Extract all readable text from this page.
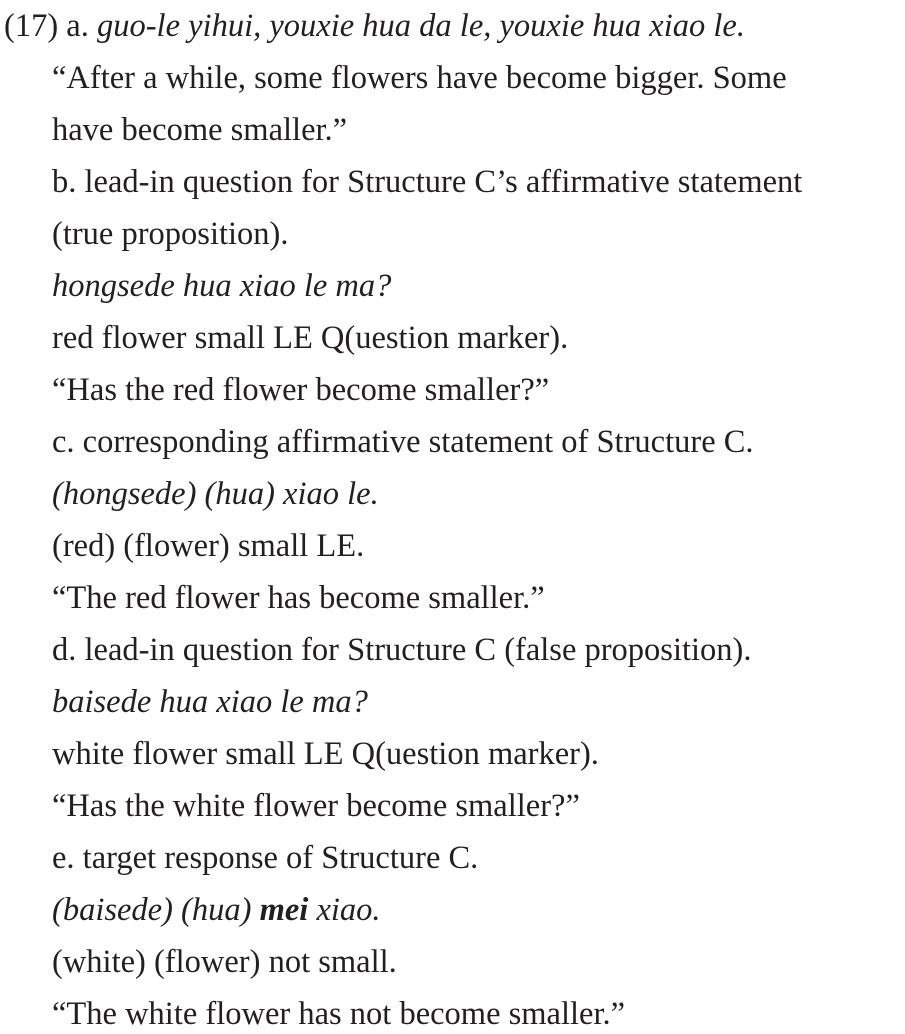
(17) a. guo-le yihui, youxie hua da le, youxie hua xiao le.
“After a while, some flowers have become bigger. Some
have become smaller.”
b. lead-in question for Structure C’s affirmative statement
(true proposition).
hongsede hua xiao le ma?
red flower small LE Q(uestion marker).
“Has the red flower become smaller?”
c. corresponding affirmative statement of Structure C.
(hongsede) (hua) xiao le.
(red) (flower) small LE.
“The red flower has become smaller.”
d. lead-in question for Structure C (false proposition).
baisede hua xiao le ma?
white flower small LE Q(uestion marker).
“Has the white flower become smaller?”
e. target response of Structure C.
(baisede) (hua) mei xiao.
(white) (flower) not small.
“The white flower has not become smaller.”
